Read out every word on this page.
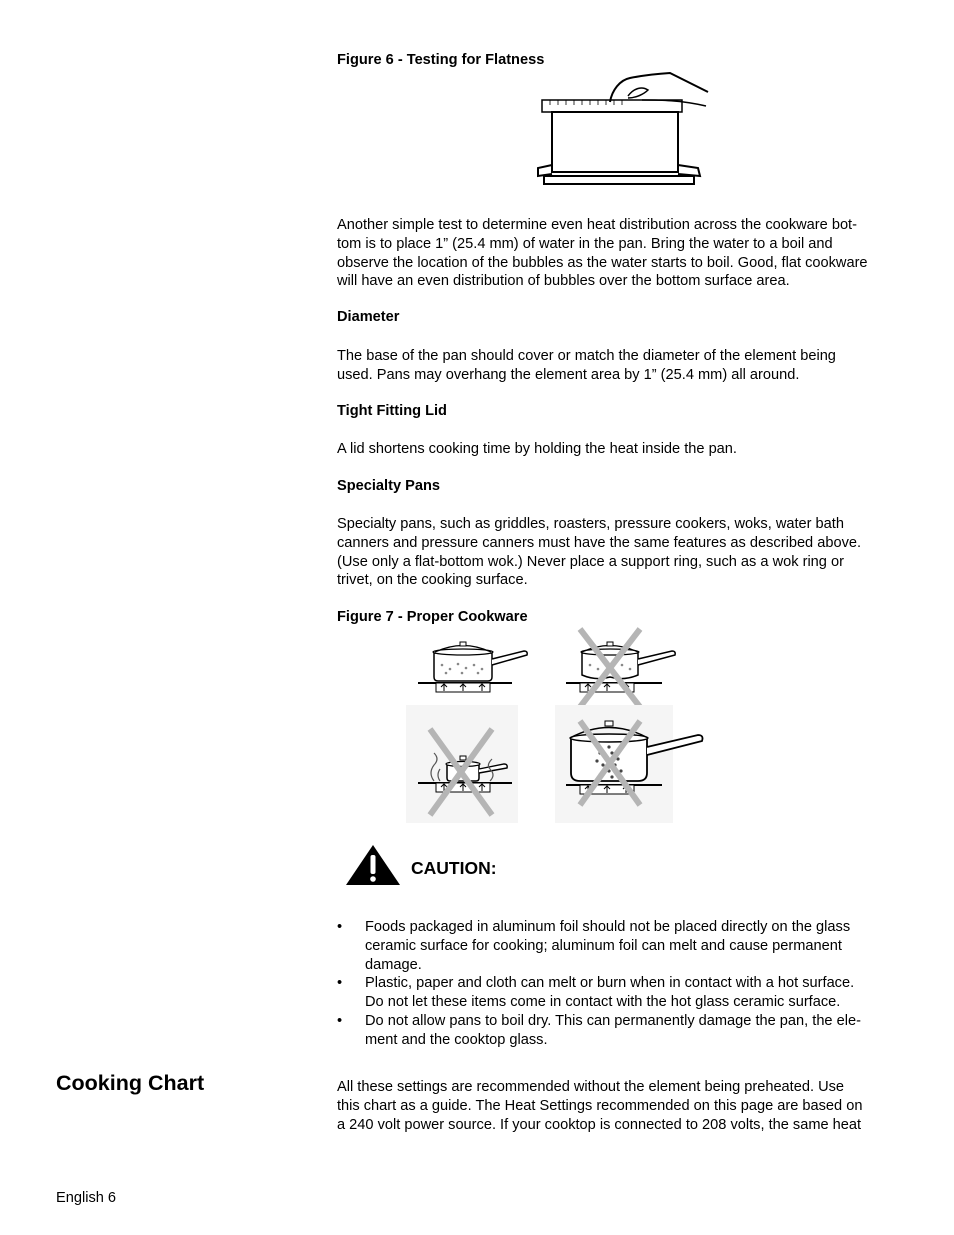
Figure 6 - Testing for Flatness
Another simple test to determine even heat distribution across the cookware bot-
tom is to place 1” (25.4 mm) of water in the pan. Bring the water to a boil and
observe the location of the bubbles as the water starts to boil. Good, flat cookware
will have an even distribution of bubbles over the bottom surface area.
Diameter
The base of the pan should cover or match the diameter of the element being
used. Pans may overhang the element area by 1” (25.4 mm) all around.
Tight Fitting Lid
A lid shortens cooking time by holding the heat inside the pan.
Specialty Pans
Specialty pans, such as griddles, roasters, pressure cookers, woks, water bath
canners and pressure canners must have the same features as described above.
(Use only a flat-bottom wok.) Never place a support ring, such as a wok ring or
trivet, on the cooking surface.
Figure 7 - Proper Cookware
CAUTION:
• Foods packaged in aluminum foil should not be placed directly on the glass
ceramic surface for cooking; aluminum foil can melt and cause permanent
damage.
• Plastic, paper and cloth can melt or burn when in contact with a hot surface.
Do not let these items come in contact with the hot glass ceramic surface.
• Do not allow pans to boil dry. This can permanently damage the pan, the ele-
ment and the cooktop glass.
Cooking Chart	All these settings are recommended without the element being preheated. Use
this chart as a guide. The Heat Settings recommended on this page are based on
a 240 volt power source. If your cooktop is connected to 208 volts, the same heat
English 6
